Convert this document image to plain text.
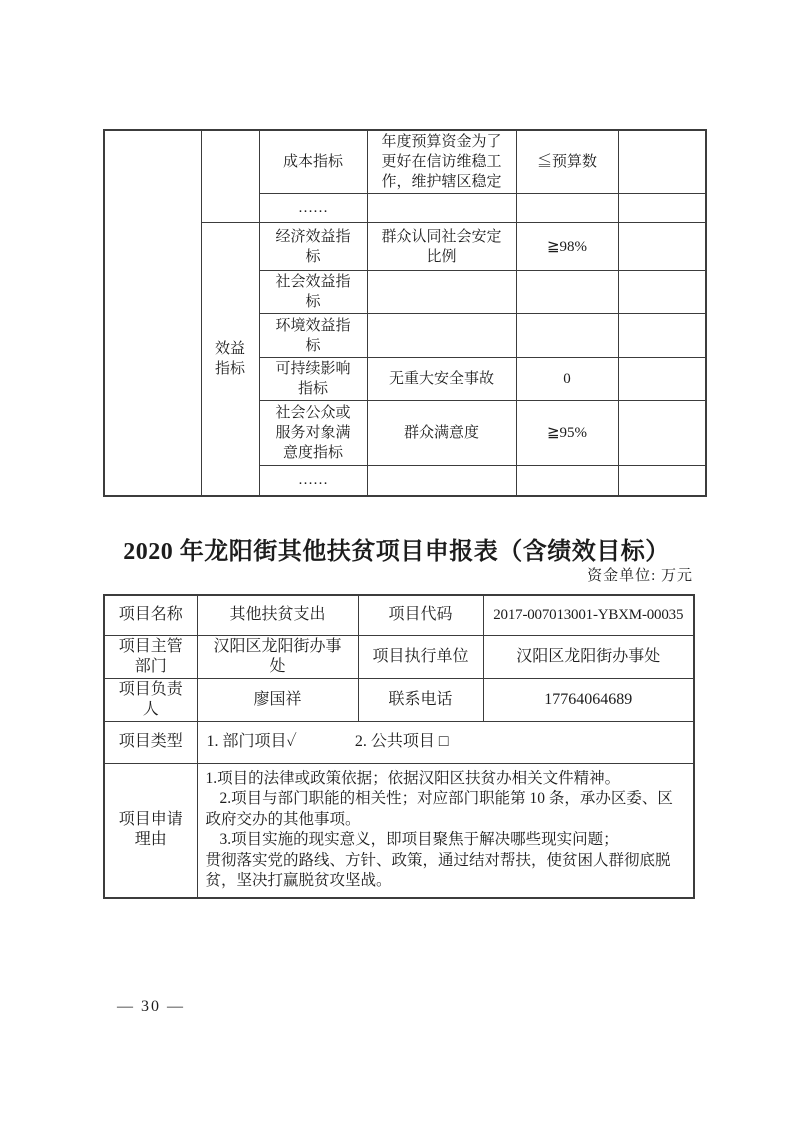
		成本指标	年度预算资金为了更好在信访维稳工作，维护辖区稳定	≦预算数	
		……			
	效益指标	经济效益指标	群众认同社会安定比例	≧98%	
		社会效益指标			
		环境效益指标			
		可持续影响指标	无重大安全事故	0	
		社会公众或服务对象满意度指标	群众满意度	≧95%	
		……			
2020 年龙阳街其他扶贫项目申报表（含绩效目标）
资金单位: 万元
项目名称	其他扶贫支出	项目代码	2017-007013001-YBXM-00035
项目主管部门	汉阳区龙阳街办事处	项目执行单位	汉阳区龙阳街办事处
项目负责人	廖国祥	联系电话	17764064689
项目类型	1. 部门项目✓ 2. 公共项目 □		
项目申请理由	1.项目的法律或政策依据；依据汉阳区扶贫办相关文件精神。
2.项目与部门职能的相关性；对应部门职能第 10 条，承办区委、区政府交办的其他事项。
3.项目实施的现实意义，即项目聚焦于解决哪些现实问题；
贯彻落实党的路线、方针、政策，通过结对帮扶，使贫困人群彻底脱贫，坚决打赢脱贫攻坚战。		
— 30 —
